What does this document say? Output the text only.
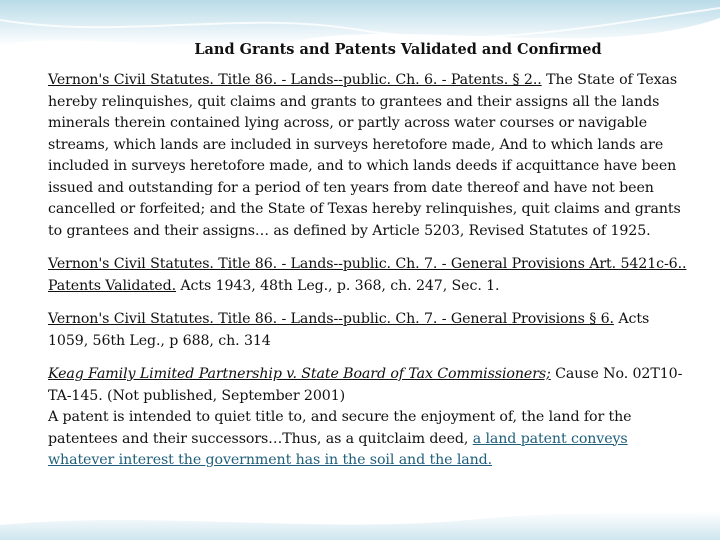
Land Grants and Patents Validated and Confirmed

Vernon's Civil Statutes. Title 86. - Lands--public. Ch. 6. - Patents. § 2.. The State of Texas hereby relinquishes, quit claims and grants to grantees and their assigns all the lands minerals therein contained lying across, or partly across water courses or navigable streams, which lands are included in surveys heretofore made, And to which lands are included in surveys heretofore made, and to which lands deeds if acquittance have been issued and outstanding for a period of ten years from date thereof and have not been cancelled or forfeited; and the State of Texas hereby relinquishes, quit claims and grants to grantees and their assigns… as defined by Article 5203, Revised Statutes of 1925.

Vernon's Civil Statutes. Title 86. - Lands--public. Ch. 7. - General Provisions Art. 5421c-6.. Patents Validated. Acts 1943, 48th Leg., p. 368, ch. 247, Sec. 1.

Vernon's Civil Statutes. Title 86. - Lands--public. Ch. 7. - General Provisions § 6. Acts 1059, 56th Leg., p 688, ch. 314

Keag Family Limited Partnership v. State Board of Tax Commissioners; Cause No. 02T10-TA-145. (Not published, September 2001)
A patent is intended to quiet title to, and secure the enjoyment of, the land for the patentees and their successors…Thus, as a quitclaim deed, a land patent conveys whatever interest the government has in the soil and the land.
